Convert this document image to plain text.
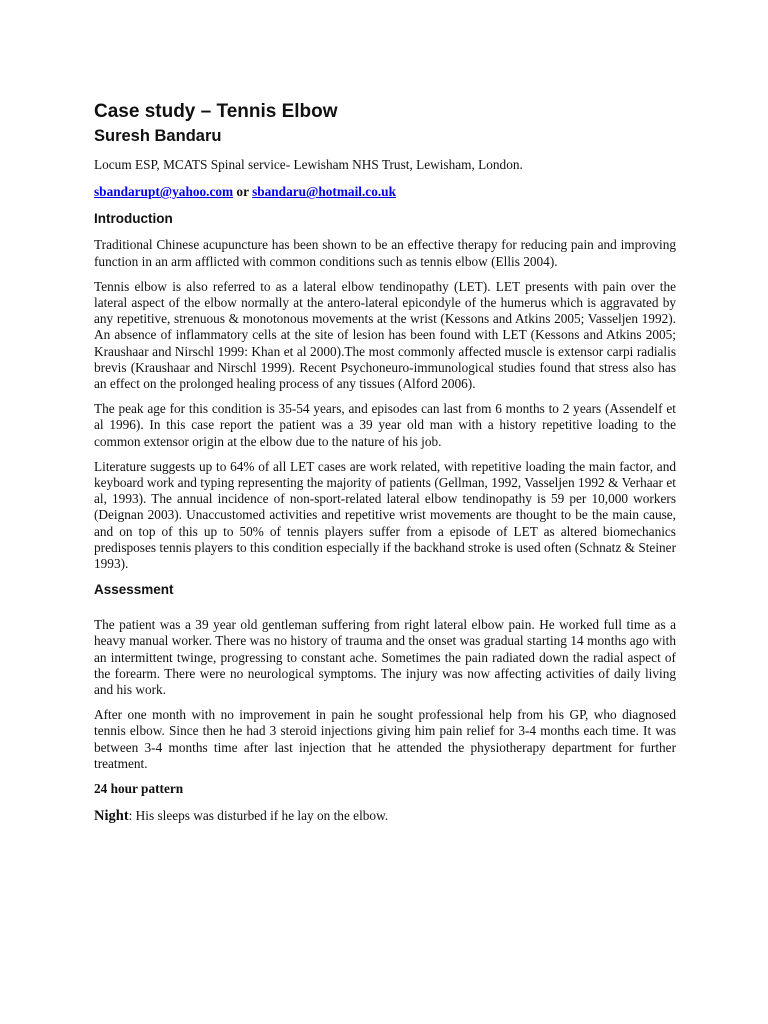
Case study – Tennis Elbow
Suresh Bandaru

Locum ESP, MCATS Spinal service- Lewisham NHS Trust, Lewisham, London.

sbandarupt@yahoo.com or sbandaru@hotmail.co.uk

Introduction

Traditional Chinese acupuncture has been shown to be an effective therapy for reducing pain and improving function in an arm afflicted with common conditions such as tennis elbow (Ellis 2004).

Tennis elbow is also referred to as a lateral elbow tendinopathy (LET). LET presents with pain over the lateral aspect of the elbow normally at the antero-lateral epicondyle of the humerus which is aggravated by any repetitive, strenuous & monotonous movements at the wrist (Kessons and Atkins 2005; Vasseljen 1992). An absence of inflammatory cells at the site of lesion has been found with LET (Kessons and Atkins 2005; Kraushaar and Nirschl 1999: Khan et al 2000).The most commonly affected muscle is extensor carpi radialis brevis (Kraushaar and Nirschl 1999). Recent Psychoneuro-immunological studies found that stress also has an effect on the prolonged healing process of any tissues (Alford 2006).

The peak age for this condition is 35-54 years, and episodes can last from 6 months to 2 years (Assendelf et al 1996). In this case report the patient was a 39 year old man with a history repetitive loading to the common extensor origin at the elbow due to the nature of his job.

Literature suggests up to 64% of all LET cases are work related, with repetitive loading the main factor, and keyboard work and typing representing the majority of patients (Gellman, 1992, Vasseljen 1992 & Verhaar et al, 1993). The annual incidence of non-sport-related lateral elbow tendinopathy is 59 per 10,000 workers (Deignan 2003). Unaccustomed activities and repetitive wrist movements are thought to be the main cause, and on top of this up to 50% of tennis players suffer from a episode of LET as altered biomechanics predisposes tennis players to this condition especially if the backhand stroke is used often (Schnatz & Steiner 1993).

Assessment

The patient was a 39 year old gentleman suffering from right lateral elbow pain. He worked full time as a heavy manual worker. There was no history of trauma and the onset was gradual starting 14 months ago with an intermittent twinge, progressing to constant ache. Sometimes the pain radiated down the radial aspect of the forearm. There were no neurological symptoms. The injury was now affecting activities of daily living and his work.

After one month with no improvement in pain he sought professional help from his GP, who diagnosed tennis elbow. Since then he had 3 steroid injections giving him pain relief for 3-4 months each time. It was between 3-4 months time after last injection that he attended the physiotherapy department for further treatment.

24 hour pattern

Night: His sleeps was disturbed if he lay on the elbow.
